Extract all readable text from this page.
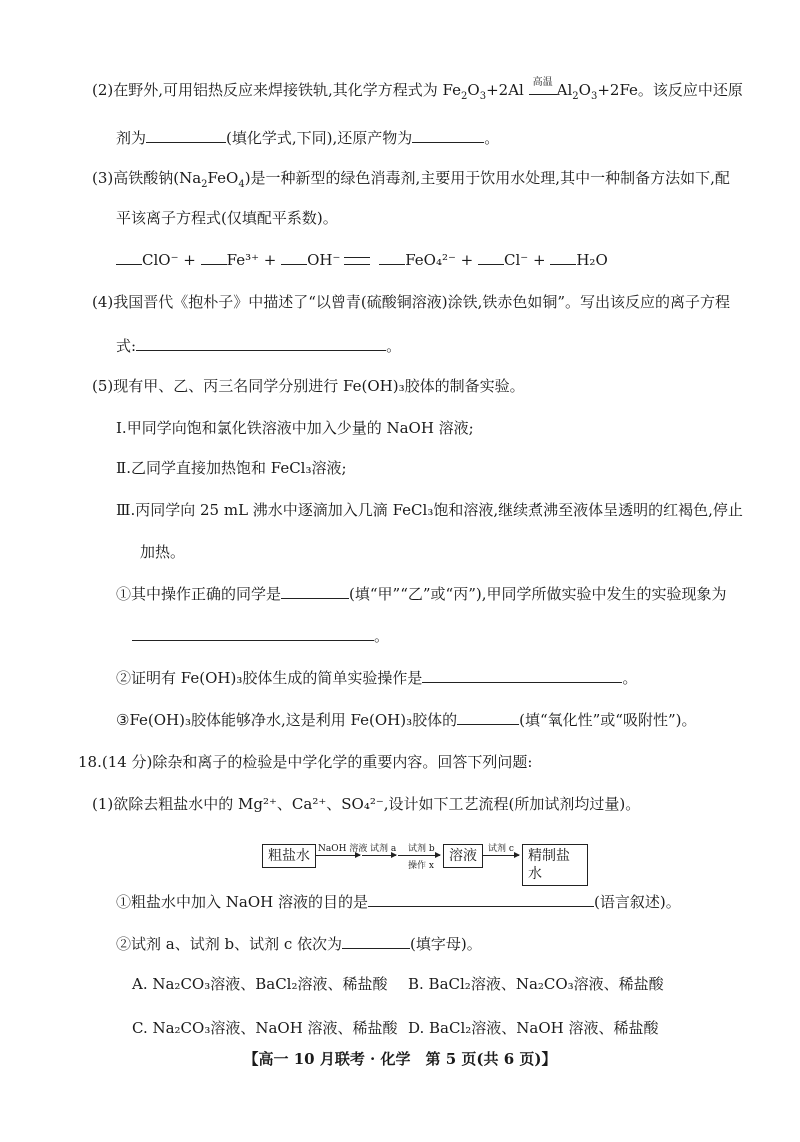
(2)在野外,可用铝热反应来焊接铁轨,其化学方程式为 $Fe_2O_3+2Al$ 高温 $Al_2O_3+2Fe$。该反应中还原
剂为	(填化学式,下同),还原产物为	。
(3)高铁酸钠$(Na_2FeO_4)$是一种新型的绿色消毒剂,主要用于饮用水处理,其中一种制备方法如下,配
平该离子方程式(仅填配平系数)。
ClO⁻ + Fe³⁺ + OH⁻	FeO₄²⁻ + Cl⁻ + H₂O
(4)我国晋代《抱朴子》中描述了“以曾青(硫酸铜溶液)涂铁,铁赤色如铜”。写出该反应的离子方程
式:	。
(5)现有甲、乙、丙三名同学分别进行 Fe(OH)₃胶体的制备实验。
Ⅰ.甲同学向饱和氯化铁溶液中加入少量的 NaOH 溶液;
Ⅱ.乙同学直接加热饱和 FeCl₃溶液;
Ⅲ.丙同学向 25 mL 沸水中逐滴加入几滴 FeCl₃饱和溶液,继续煮沸至液体呈透明的红褐色,停止
加热。
①其中操作正确的同学是	(填“甲”“乙”或“丙”),甲同学所做实验中发生的实验现象为
。
②证明有 Fe(OH)₃胶体生成的简单实验操作是	。
③Fe(OH)₃胶体能够净水,这是利用 Fe(OH)₃胶体的	(填“氧化性”或“吸附性”)。
18.(14 分)除杂和离子的检验是中学化学的重要内容。回答下列问题:
(1)欲除去粗盐水中的 Mg²⁺、Ca²⁺、SO₄²⁻,设计如下工艺流程(所加试剂均过量)。
粗盐水 NaOH 溶液 试剂 a 试剂 b
操作 x
溶液	试剂 c	精制盐水
①粗盐水中加入 NaOH 溶液的目的是	(语言叙述)。
②试剂 a、试剂 b、试剂 c 依次为	(填字母)。
A. Na₂CO₃溶液、BaCl₂溶液、稀盐酸 B. BaCl₂溶液、Na₂CO₃溶液、稀盐酸
C. Na₂CO₃溶液、NaOH 溶液、稀盐酸 D. BaCl₂溶液、NaOH 溶液、稀盐酸
【高一 10 月联考 · 化学　第 5 页(共 6 页)】
